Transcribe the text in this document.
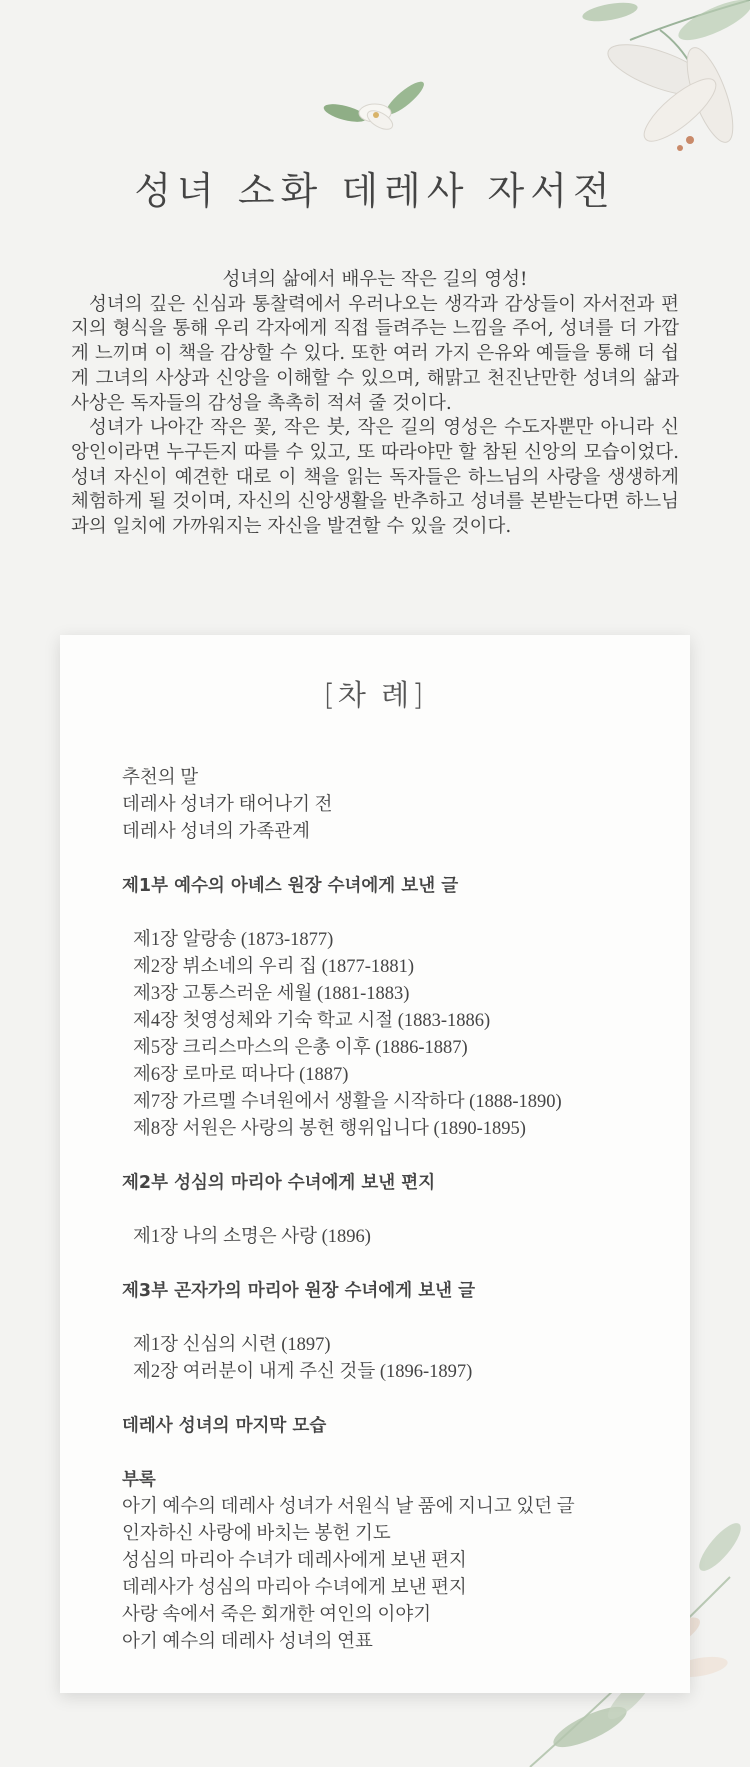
성녀 소화 데레사 자서전

성녀의 삶에서 배우는 작은 길의 영성!

성녀의 깊은 신심과 통찰력에서 우러나오는 생각과 감상들이 자서전과 편지의 형식을 통해 우리 각자에게 직접 들려주는 느낌을 주어, 성녀를 더 가깝게 느끼며 이 책을 감상할 수 있다. 또한 여러 가지 은유와 예들을 통해 더 쉽게 그녀의 사상과 신앙을 이해할 수 있으며, 해맑고 천진난만한 성녀의 삶과 사상은 독자들의 감성을 촉촉히 적셔 줄 것이다.

성녀가 나아간 작은 꽃, 작은 붓, 작은 길의 영성은 수도자뿐만 아니라 신앙인이라면 누구든지 따를 수 있고, 또 따라야만 할 참된 신앙의 모습이었다. 성녀 자신이 예견한 대로 이 책을 읽는 독자들은 하느님의 사랑을 생생하게 체험하게 될 것이며, 자신의 신앙생활을 반추하고 성녀를 본받는다면 하느님과의 일치에 가까워지는 자신을 발견할 수 있을 것이다.

[차 례]
추천의 말
데레사 성녀가 태어나기 전
데레사 성녀의 가족관계
제1부 예수의 아녜스 원장 수녀에게 보낸 글
제1장 알랑송 (1873-1877)
제2장 뷔소네의 우리 집 (1877-1881)
제3장 고통스러운 세월 (1881-1883)
제4장 첫영성체와 기숙 학교 시절 (1883-1886)
제5장 크리스마스의 은총 이후 (1886-1887)
제6장 로마로 떠나다 (1887)
제7장 가르멜 수녀원에서 생활을 시작하다 (1888-1890)
제8장 서원은 사랑의 봉헌 행위입니다 (1890-1895)
제2부 성심의 마리아 수녀에게 보낸 편지
제1장 나의 소명은 사랑 (1896)
제3부 곤자가의 마리아 원장 수녀에게 보낸 글
제1장 신심의 시련 (1897)
제2장 여러분이 내게 주신 것들 (1896-1897)
데레사 성녀의 마지막 모습
부록
아기 예수의 데레사 성녀가 서원식 날 품에 지니고 있던 글
인자하신 사랑에 바치는 봉헌 기도
성심의 마리아 수녀가 데레사에게 보낸 편지
데레사가 성심의 마리아 수녀에게 보낸 편지
사랑 속에서 죽은 회개한 여인의 이야기
아기 예수의 데레사 성녀의 연표
